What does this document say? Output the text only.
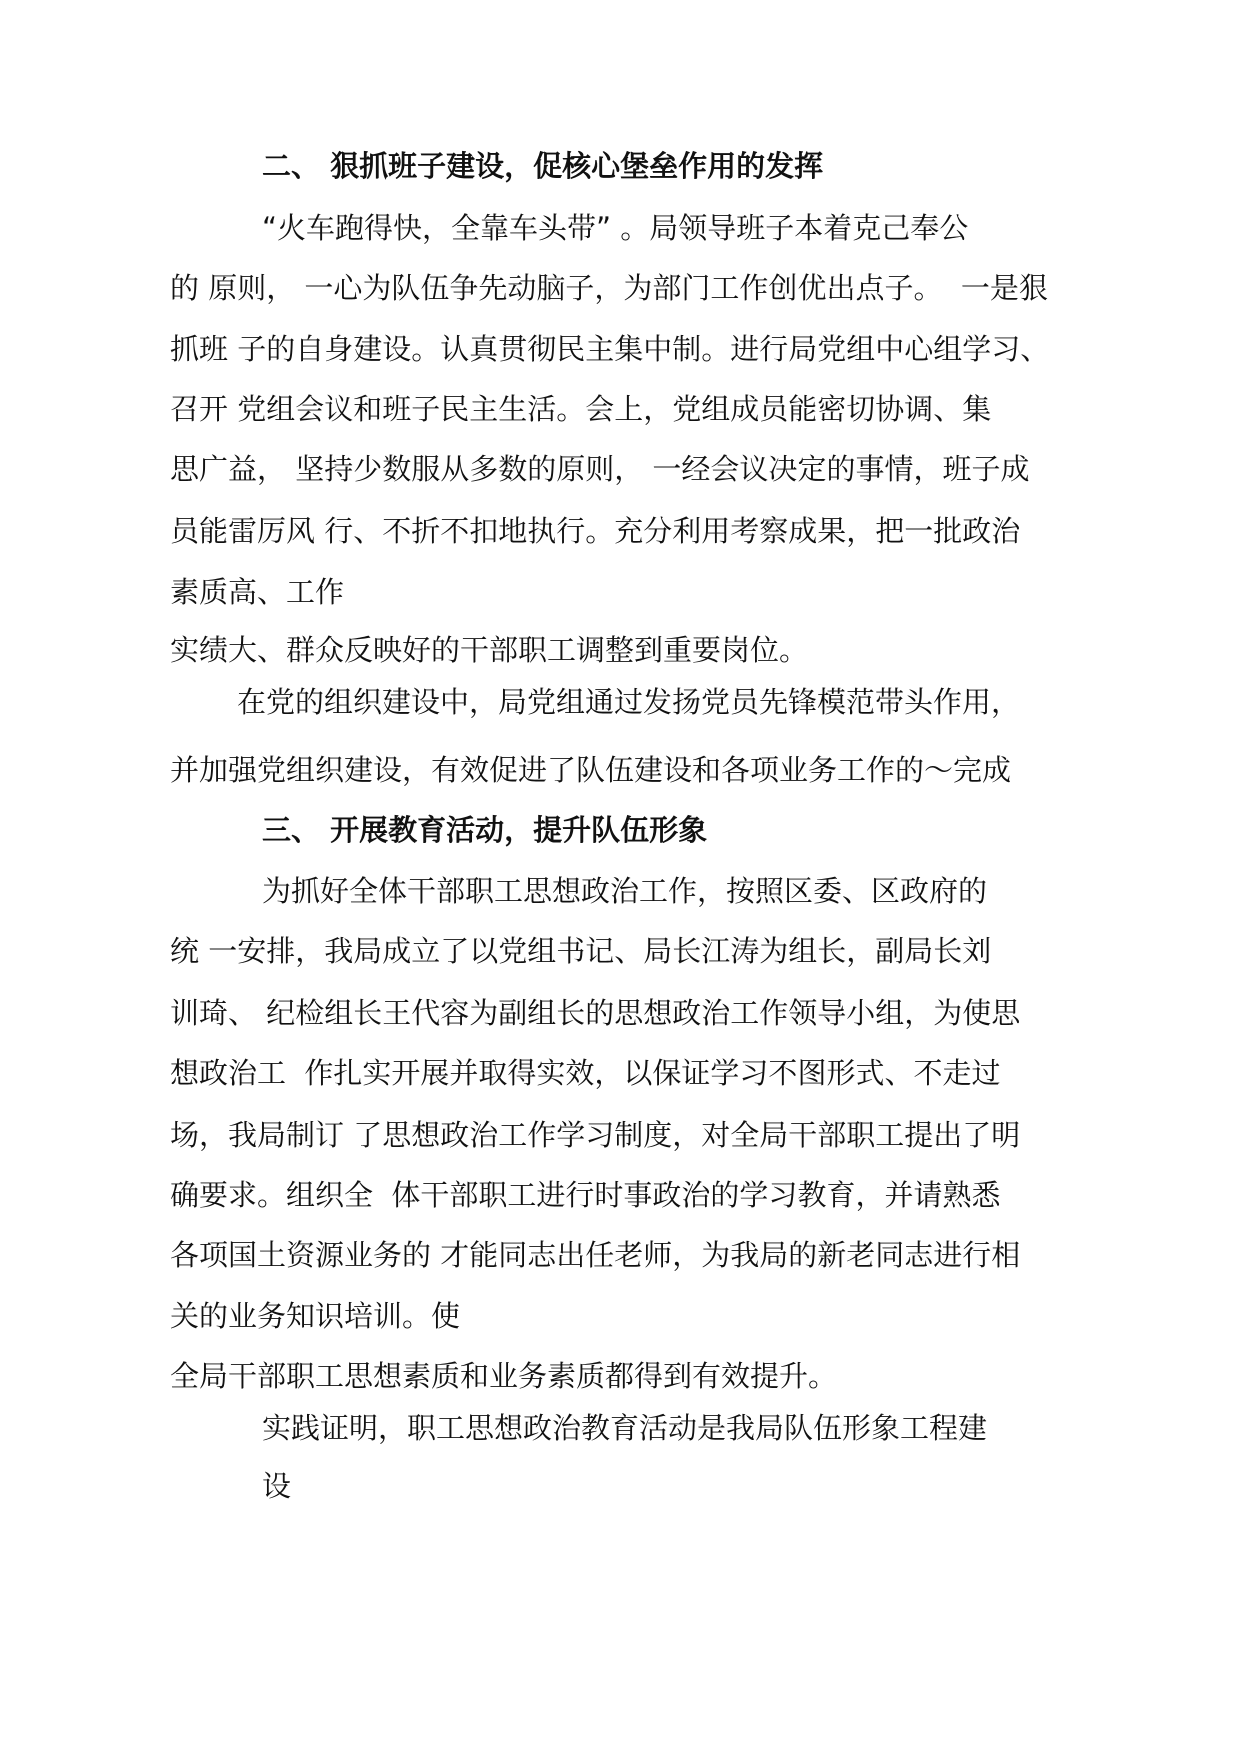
二、 狠抓班子建设，促核心堡垒作用的发挥
“火车跑得快，全靠车头带” 。局领导班子本着克己奉公
的 原则， 一心为队伍争先动脑子，为部门工作创优出点子。  一是狠
抓班 子的自身建设。认真贯彻民主集中制。进行局党组中心组学习、
召开 党组会议和班子民主生活。会上，党组成员能密切协调、集
思广益， 坚持少数服从多数的原则， 一经会议决定的事情，班子成
员能雷厉风 行、不折不扣地执行。充分利用考察成果，把一批政治
素质高、工作
实绩大、群众反映好的干部职工调整到重要岗位。
在党的组织建设中，局党组通过发扬党员先锋模范带头作用，
并加强党组织建设，有效促进了队伍建设和各项业务工作的～完成
三、 开展教育活动，提升队伍形象
为抓好全体干部职工思想政治工作，按照区委、区政府的
统 一安排，我局成立了以党组书记、局长江涛为组长，副局长刘
训琦、 纪检组长王代容为副组长的思想政治工作领导小组，为使思
想政治工  作扎实开展并取得实效，以保证学习不图形式、不走过
场，我局制订 了思想政治工作学习制度，对全局干部职工提出了明
确要求。组织全  体干部职工进行时事政治的学习教育，并请熟悉
各项国土资源业务的 才能同志出任老师，为我局的新老同志进行相
关的业务知识培训。使
全局干部职工思想素质和业务素质都得到有效提升。
实践证明，职工思想政治教育活动是我局队伍形象工程建
设
